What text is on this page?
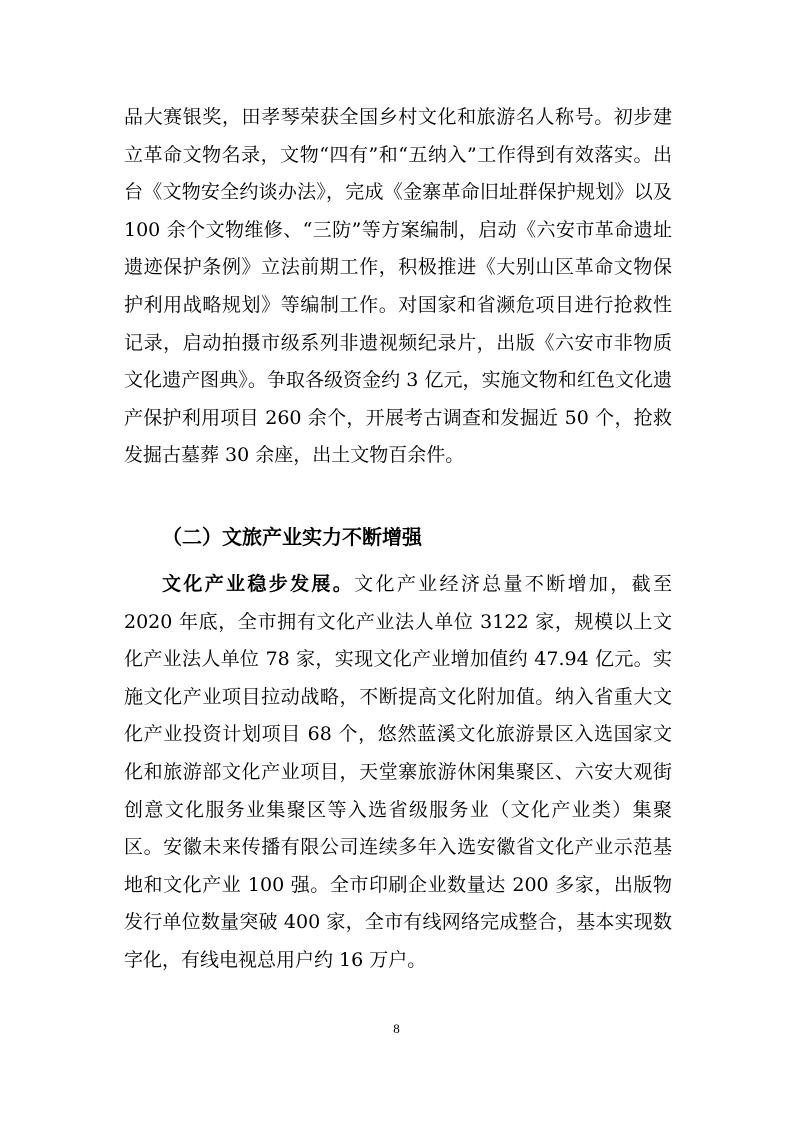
品大赛银奖，田孝琴荣获全国乡村文化和旅游名人称号。初步建立革命文物名录，文物“四有”和“五纳入”工作得到有效落实。出台《文物安全约谈办法》，完成《金寨革命旧址群保护规划》以及 100 余个文物维修、“三防”等方案编制，启动《六安市革命遗址遗迹保护条例》立法前期工作，积极推进《大别山区革命文物保护利用战略规划》等编制工作。对国家和省濒危项目进行抢救性记录，启动拍摄市级系列非遗视频纪录片，出版《六安市非物质文化遗产图典》。争取各级资金约 3 亿元，实施文物和红色文化遗产保护利用项目 260 余个，开展考古调查和发掘近 50 个，抢救发掘古墓葬 30 余座，出土文物百余件。

（二）文旅产业实力不断增强

文化产业稳步发展。文化产业经济总量不断增加，截至 2020 年底，全市拥有文化产业法人单位 3122 家，规模以上文化产业法人单位 78 家，实现文化产业增加值约 47.94 亿元。实施文化产业项目拉动战略，不断提高文化附加值。纳入省重大文化产业投资计划项目 68 个，悠然蓝溪文化旅游景区入选国家文化和旅游部文化产业项目，天堂寨旅游休闲集聚区、六安大观街创意文化服务业集聚区等入选省级服务业（文化产业类）集聚区。安徽未来传播有限公司连续多年入选安徽省文化产业示范基地和文化产业 100 强。全市印刷企业数量达 200 多家，出版物发行单位数量突破 400 家，全市有线网络完成整合，基本实现数字化，有线电视总用户约 16 万户。

8
